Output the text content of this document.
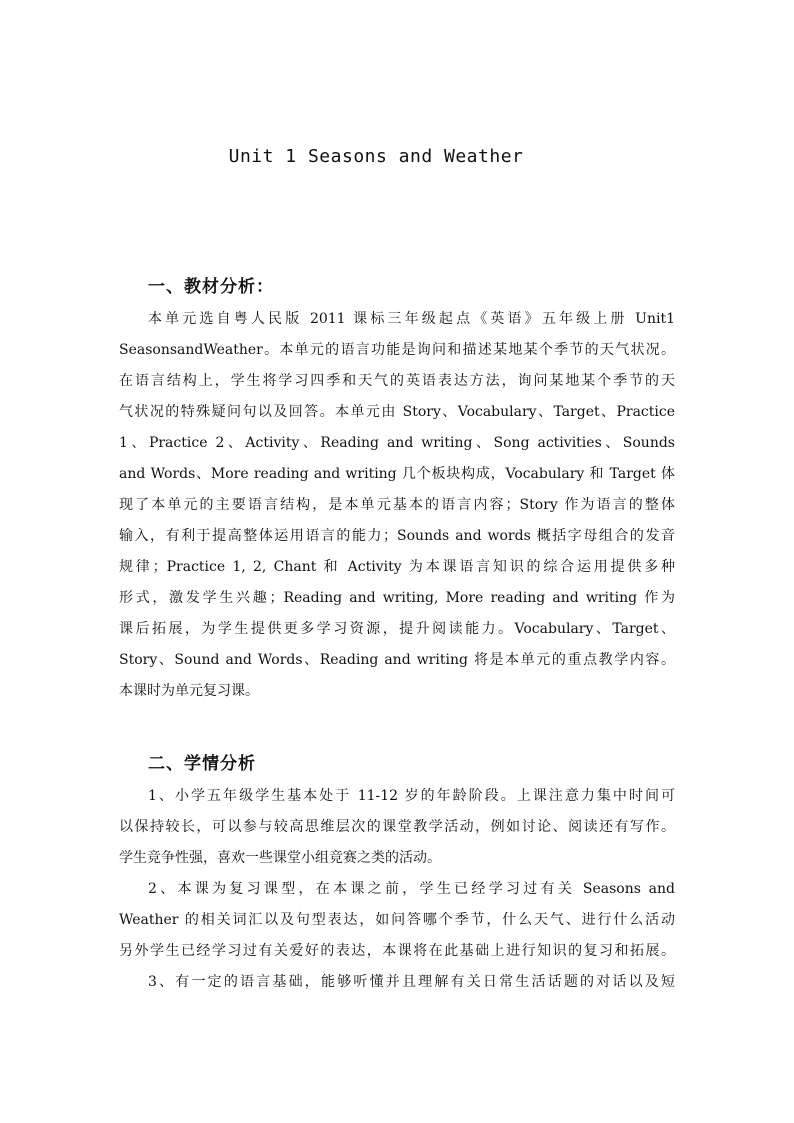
Unit 1 Seasons and Weather
一、教材分析：
本单元选自粤人民版 2011 课标三年级起点《英语》五年级上册 Unit1
SeasonsandWeather。本单元的语言功能是询问和描述某地某个季节的天气状况。
在语言结构上，学生将学习四季和天气的英语表达方法，询问某地某个季节的天
气状况的特殊疑问句以及回答。本单元由 Story、Vocabulary、Target、Practice
1、Practice 2、Activity、Reading and writing、Song activities、Sounds
and Words、More reading and writing 几个板块构成，Vocabulary 和 Target 体
现了本单元的主要语言结构，是本单元基本的语言内容；Story 作为语言的整体
输入，有利于提高整体运用语言的能力；Sounds and words 概括字母组合的发音
规律；Practice 1, 2, Chant 和 Activity 为本课语言知识的综合运用提供多种
形式，激发学生兴趣；Reading and writing, More reading and writing 作为
课后拓展，为学生提供更多学习资源，提升阅读能力。Vocabulary、Target、
Story、Sound and Words、Reading and writing 将是本单元的重点教学内容。
本课时为单元复习课。
二、学情分析
1、小学五年级学生基本处于 11-12 岁的年龄阶段。上课注意力集中时间可
以保持较长，可以参与较高思维层次的课堂教学活动，例如讨论、阅读还有写作。
学生竞争性强，喜欢一些课堂小组竞赛之类的活动。
2、本课为复习课型，在本课之前，学生已经学习过有关 Seasons and
Weather 的相关词汇以及句型表达，如问答哪个季节，什么天气、进行什么活动
另外学生已经学习过有关爱好的表达，本课将在此基础上进行知识的复习和拓展。
3、有一定的语言基础，能够听懂并且理解有关日常生活话题的对话以及短
